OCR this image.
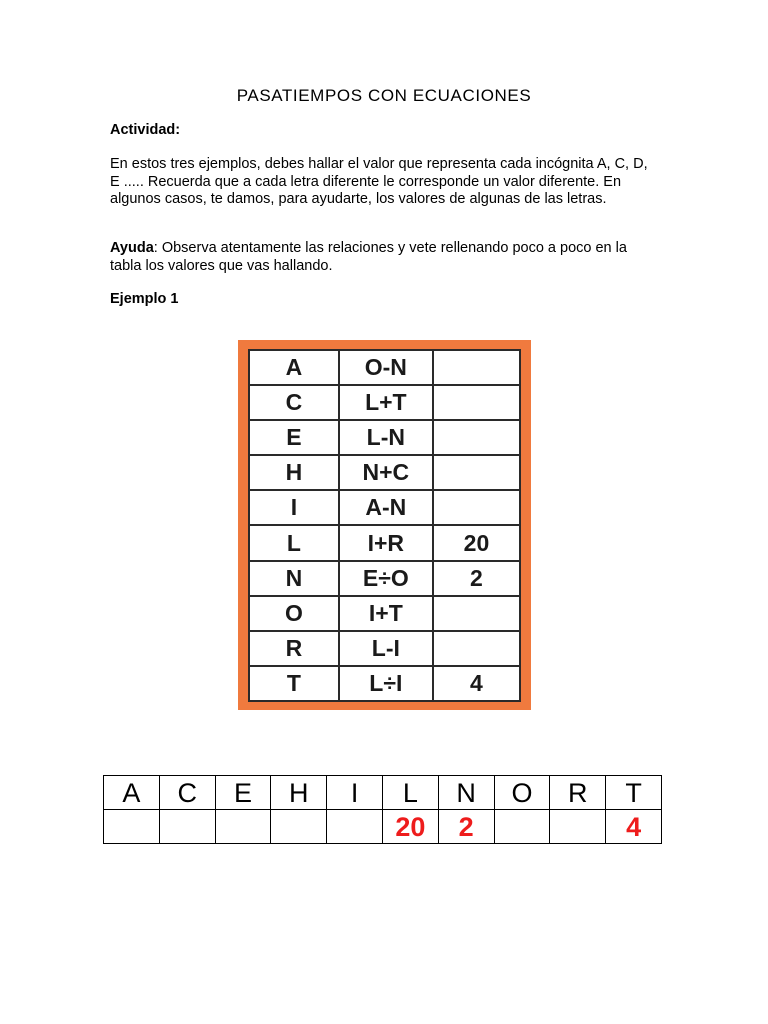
PASATIEMPOS CON ECUACIONES
Actividad:
En estos tres ejemplos, debes hallar el valor que representa cada incógnita A, C, D, E ..... Recuerda que a cada letra diferente le corresponde un valor diferente. En algunos casos, te damos, para ayudarte, los valores de algunas de las letras.
Ayuda: Observa atentamente las relaciones y vete rellenando poco a poco en la tabla los valores que vas hallando.
Ejemplo 1
A	O-N	
C	L+T	
E	L-N	
H	N+C	
I	A-N	
L	I+R	20
N	E÷O	2
O	I+T	
R	L-I	
T	L÷I	4
A	C	E	H	I	L	N	O	R	T
					20	2			4
